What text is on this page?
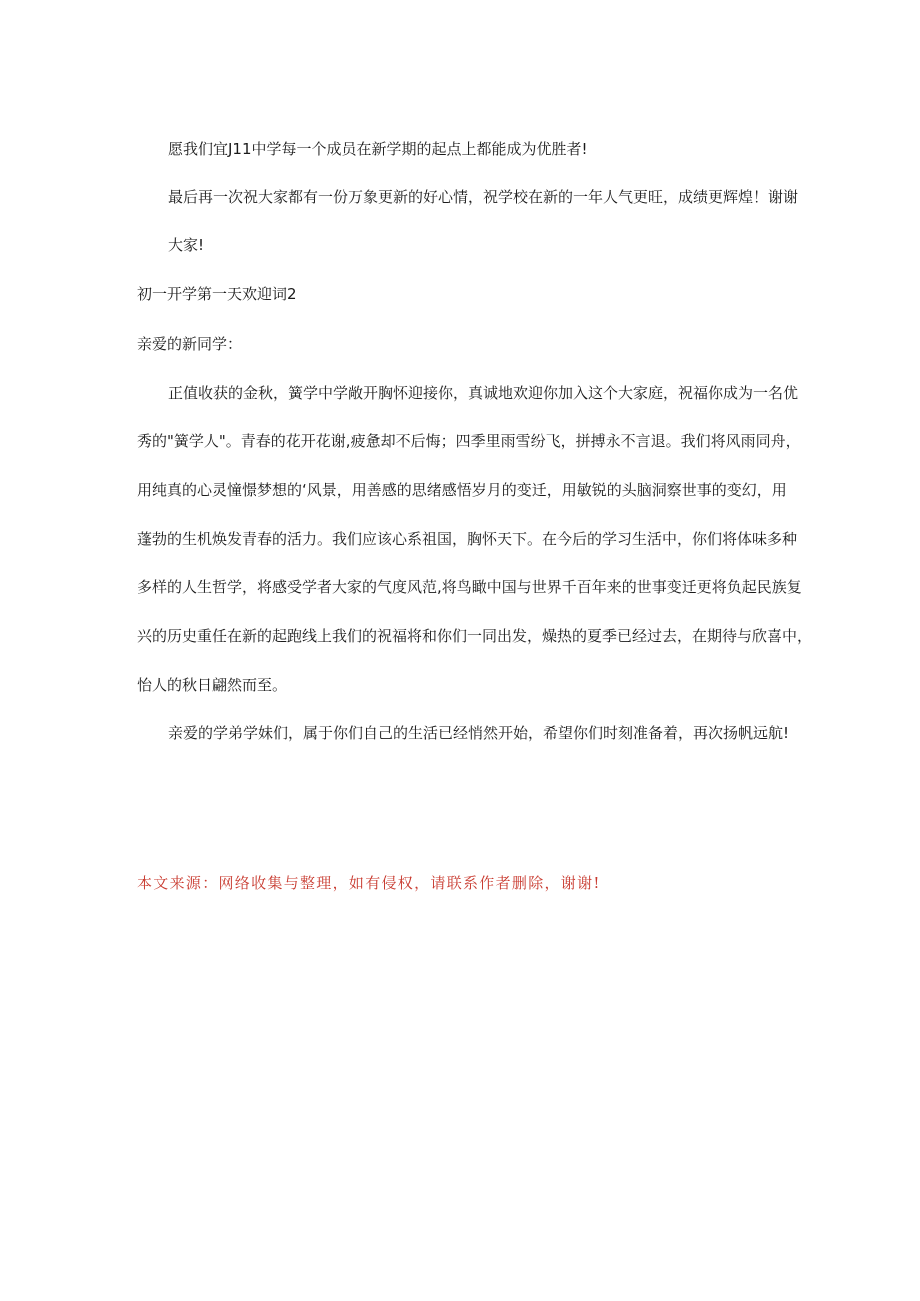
愿我们宜J11中学每一个成员在新学期的起点上都能成为优胜者!
最后再一次祝大家都有一份万象更新的好心情，祝学校在新的一年人气更旺，成绩更辉煌！谢谢
大家!
初一开学第一天欢迎词2
亲爱的新同学：
正值收获的金秋，簧学中学敞开胸怀迎接你，真诚地欢迎你加入这个大家庭，祝福你成为一名优
秀的"簧学人"。青春的花开花谢,疲惫却不后悔；四季里雨雪纷飞，拼搏永不言退。我们将风雨同舟，
用纯真的心灵憧憬梦想的‘风景，用善感的思绪感悟岁月的变迁，用敏锐的头脑洞察世事的变幻，用
蓬勃的生机焕发青春的活力。我们应该心系祖国，胸怀天下。在今后的学习生活中，你们将体味多种
多样的人生哲学，将感受学者大家的气度风范,将鸟瞰中国与世界千百年来的世事变迁更将负起民族复
兴的历史重任在新的起跑线上我们的祝福将和你们一同出发，燥热的夏季已经过去，在期待与欣喜中，
怡人的秋日翩然而至。
亲爱的学弟学妹们，属于你们自己的生活已经悄然开始，希望你们时刻准备着，再次扬帆远航!
本文来源：网络收集与整理，如有侵权，请联系作者删除，谢谢!
